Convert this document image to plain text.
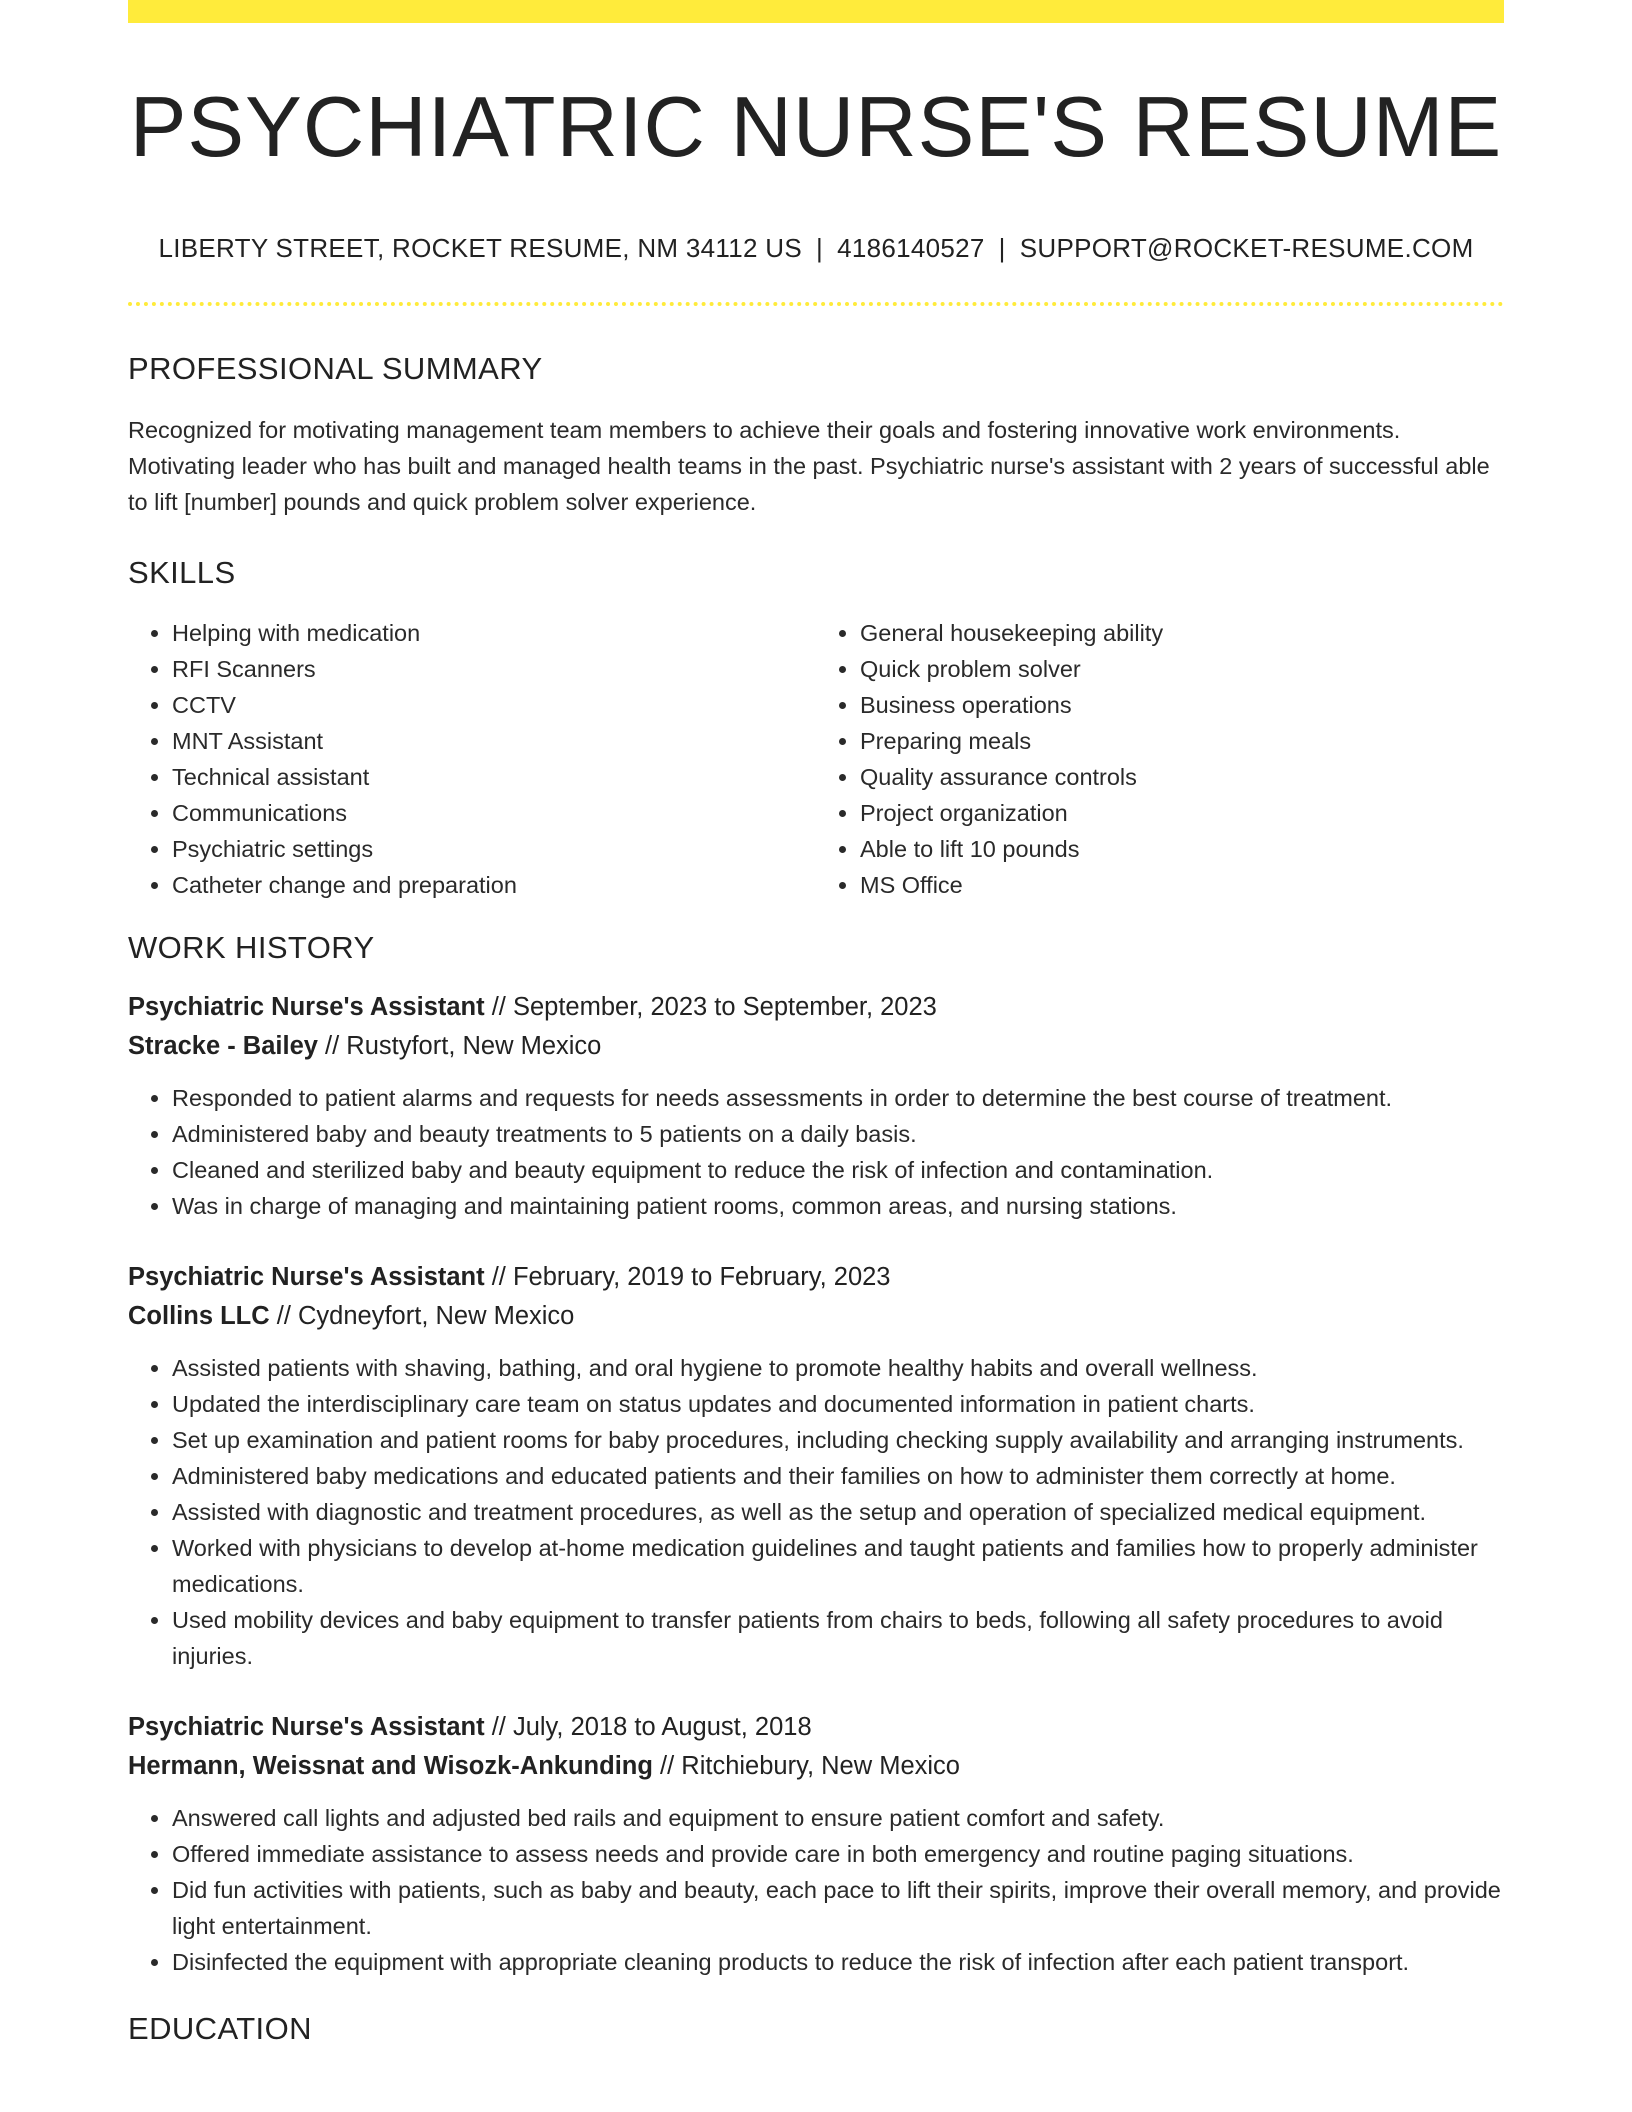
PSYCHIATRIC NURSE'S RESUME
LIBERTY STREET, ROCKET RESUME, NM 34112 US | 4186140527 | SUPPORT@ROCKET-RESUME.COM
PROFESSIONAL SUMMARY

Recognized for motivating management team members to achieve their goals and fostering innovative work environments. Motivating leader who has built and managed health teams in the past. Psychiatric nurse's assistant with 2 years of successful able to lift [number] pounds and quick problem solver experience.

SKILLS
• Helping with medication
• RFI Scanners
• CCTV
• MNT Assistant
• Technical assistant
• Communications
• Psychiatric settings
• Catheter change and preparation
• General housekeeping ability
• Quick problem solver
• Business operations
• Preparing meals
• Quality assurance controls
• Project organization
• Able to lift 10 pounds
• MS Office
WORK HISTORY
Psychiatric Nurse's Assistant // September, 2023 to September, 2023
Stracke - Bailey // Rustyfort, New Mexico
• Responded to patient alarms and requests for needs assessments in order to determine the best course of treatment.
• Administered baby and beauty treatments to 5 patients on a daily basis.
• Cleaned and sterilized baby and beauty equipment to reduce the risk of infection and contamination.
• Was in charge of managing and maintaining patient rooms, common areas, and nursing stations.
Psychiatric Nurse's Assistant // February, 2019 to February, 2023
Collins LLC // Cydneyfort, New Mexico
• Assisted patients with shaving, bathing, and oral hygiene to promote healthy habits and overall wellness.
• Updated the interdisciplinary care team on status updates and documented information in patient charts.
• Set up examination and patient rooms for baby procedures, including checking supply availability and arranging instruments.
• Administered baby medications and educated patients and their families on how to administer them correctly at home.
• Assisted with diagnostic and treatment procedures, as well as the setup and operation of specialized medical equipment.
• Worked with physicians to develop at-home medication guidelines and taught patients and families how to properly administer medications.
• Used mobility devices and baby equipment to transfer patients from chairs to beds, following all safety procedures to avoid injuries.
Psychiatric Nurse's Assistant // July, 2018 to August, 2018
Hermann, Weissnat and Wisozk-Ankunding // Ritchiebury, New Mexico
• Answered call lights and adjusted bed rails and equipment to ensure patient comfort and safety.
• Offered immediate assistance to assess needs and provide care in both emergency and routine paging situations.
• Did fun activities with patients, such as baby and beauty, each pace to lift their spirits, improve their overall memory, and provide light entertainment.
• Disinfected the equipment with appropriate cleaning products to reduce the risk of infection after each patient transport.
EDUCATION
